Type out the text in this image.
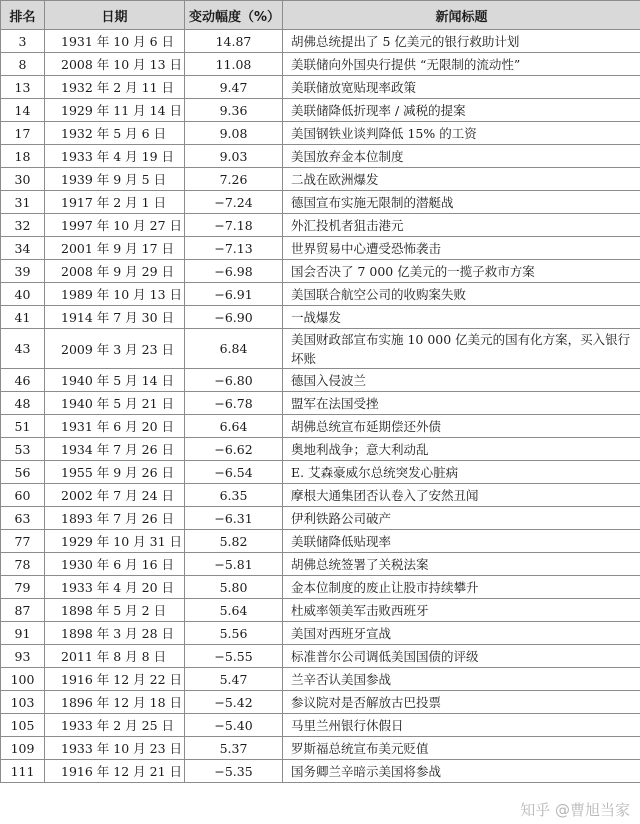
排名	日期	变动幅度（%）	新闻标题
3	1931 年 10 月 6 日	14.87	胡佛总统提出了 5 亿美元的银行救助计划
8	2008 年 10 月 13 日	11.08	美联储向外国央行提供 “无限制的流动性”
13	1932 年 2 月 11 日	9.47	美联储放宽贴现率政策
14	1929 年 11 月 14 日	9.36	美联储降低折现率 / 减税的提案
17	1932 年 5 月 6 日	9.08	美国钢铁业谈判降低 15% 的工资
18	1933 年 4 月 19 日	9.03	美国放弃金本位制度
30	1939 年 9 月 5 日	7.26	二战在欧洲爆发
31	1917 年 2 月 1 日	−7.24	德国宣布实施无限制的潜艇战
32	1997 年 10 月 27 日	−7.18	外汇投机者狙击港元
34	2001 年 9 月 17 日	−7.13	世界贸易中心遭受恐怖袭击
39	2008 年 9 月 29 日	−6.98	国会否决了 7 000 亿美元的一揽子救市方案
40	1989 年 10 月 13 日	−6.91	美国联合航空公司的收购案失败
41	1914 年 7 月 30 日	−6.90	一战爆发
43	2009 年 3 月 23 日	6.84	美国财政部宣布实施 10 000 亿美元的国有化方案，买入银行坏账
46	1940 年 5 月 14 日	−6.80	德国入侵波兰
48	1940 年 5 月 21 日	−6.78	盟军在法国受挫
51	1931 年 6 月 20 日	6.64	胡佛总统宣布延期偿还外债
53	1934 年 7 月 26 日	−6.62	奥地利战争；意大利动乱
56	1955 年 9 月 26 日	−6.54	E. 艾森豪威尔总统突发心脏病
60	2002 年 7 月 24 日	6.35	摩根大通集团否认卷入了安然丑闻
63	1893 年 7 月 26 日	−6.31	伊利铁路公司破产
77	1929 年 10 月 31 日	5.82	美联储降低贴现率
78	1930 年 6 月 16 日	−5.81	胡佛总统签署了关税法案
79	1933 年 4 月 20 日	5.80	金本位制度的废止让股市持续攀升
87	1898 年 5 月 2 日	5.64	杜威率领美军击败西班牙
91	1898 年 3 月 28 日	5.56	美国对西班牙宣战
93	2011 年 8 月 8 日	−5.55	标准普尔公司调低美国国债的评级
100	1916 年 12 月 22 日	5.47	兰辛否认美国参战
103	1896 年 12 月 18 日	−5.42	参议院对是否解放古巴投票
105	1933 年 2 月 25 日	−5.40	马里兰州银行休假日
109	1933 年 10 月 23 日	5.37	罗斯福总统宣布美元贬值
111	1916 年 12 月 21 日	−5.35	国务卿兰辛暗示美国将参战
知乎 @曹旭当家
